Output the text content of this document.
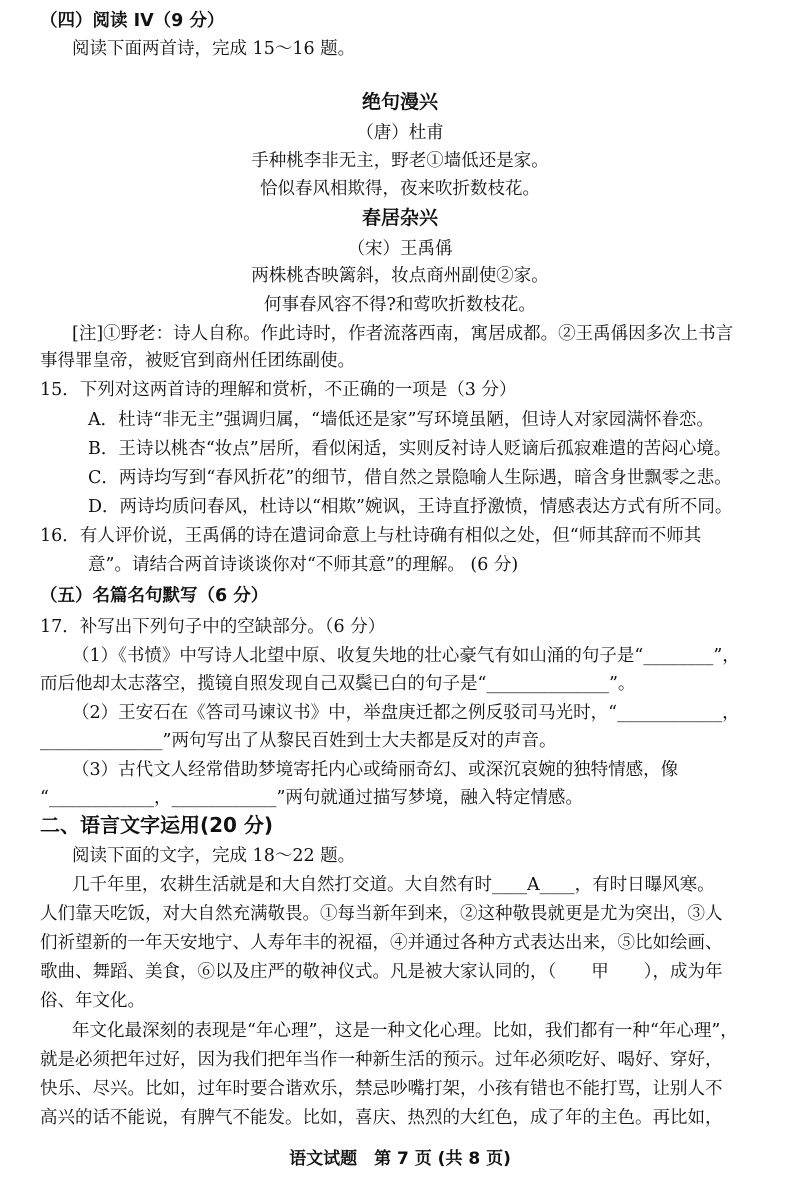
（四）阅读 IV（9 分）
阅读下面两首诗，完成 15～16 题。
绝句漫兴
（唐）杜甫
手种桃李非无主，野老①墙低还是家。
恰似春风相欺得，夜来吹折数枝花。
春居杂兴
（宋）王禹偁
两株桃杏映篱斜，妆点商州副使②家。
何事春风容不得?和莺吹折数枝花。
[注]①野老：诗人自称。作此诗时，作者流落西南，寓居成都。②王禹偁因多次上书言
事得罪皇帝，被贬官到商州任团练副使。
15．下列对这两首诗的理解和赏析，不正确的一项是（3 分）
A．杜诗“非无主”强调归属，“墙低还是家”写环境虽陋，但诗人对家园满怀眷恋。
B．王诗以桃杏“妆点”居所，看似闲适，实则反衬诗人贬谪后孤寂难遣的苦闷心境。
C．两诗均写到“春风折花”的细节，借自然之景隐喻人生际遇，暗含身世飘零之悲。
D．两诗均质问春风，杜诗以“相欺”婉讽，王诗直抒激愤，情感表达方式有所不同。
16．有人评价说，王禹偁的诗在遣词命意上与杜诗确有相似之处，但“师其辞而不师其
意”。请结合两首诗谈谈你对“不师其意”的理解。 (6 分)
（五）名篇名句默写（6 分）
17．补写出下列句子中的空缺部分。（6 分）
（1）《书愤》中写诗人北望中原、收复失地的壮心豪气有如山涌的句子是“________”，
而后他却太志落空，揽镜自照发现自己双鬓已白的句子是“______________”。
（2）王安石在《答司马谏议书》中，举盘庚迁都之例反驳司马光时，“____________，
______________”两句写出了从黎民百姓到士大夫都是反对的声音。
（3）古代文人经常借助梦境寄托内心或绮丽奇幻、或深沉哀婉的独特情感，像
“____________，____________”两句就通过描写梦境，融入特定情感。
二、语言文字运用(20 分)
阅读下面的文字，完成 18～22 题。
几千年里，农耕生活就是和大自然打交道。大自然有时____A____，有时日曝风寒。
人们靠天吃饭，对大自然充满敬畏。①每当新年到来，②这种敬畏就更是尤为突出，③人
们祈望新的一年天安地宁、人寿年丰的祝福，④并通过各种方式表达出来，⑤比如绘画、
歌曲、舞蹈、美食，⑥以及庄严的敬神仪式。凡是被大家认同的，（　　甲　　），成为年
俗、年文化。
年文化最深刻的表现是“年心理”，这是一种文化心理。比如，我们都有一种“年心理”，
就是必须把年过好，因为我们把年当作一种新生活的预示。过年必须吃好、喝好、穿好，
快乐、尽兴。比如，过年时要合谐欢乐，禁忌吵嘴打架，小孩有错也不能打骂，让别人不
高兴的话不能说，有脾气不能发。比如，喜庆、热烈的大红色，成了年的主色。再比如，
语文试题　第 7 页 (共 8 页)
